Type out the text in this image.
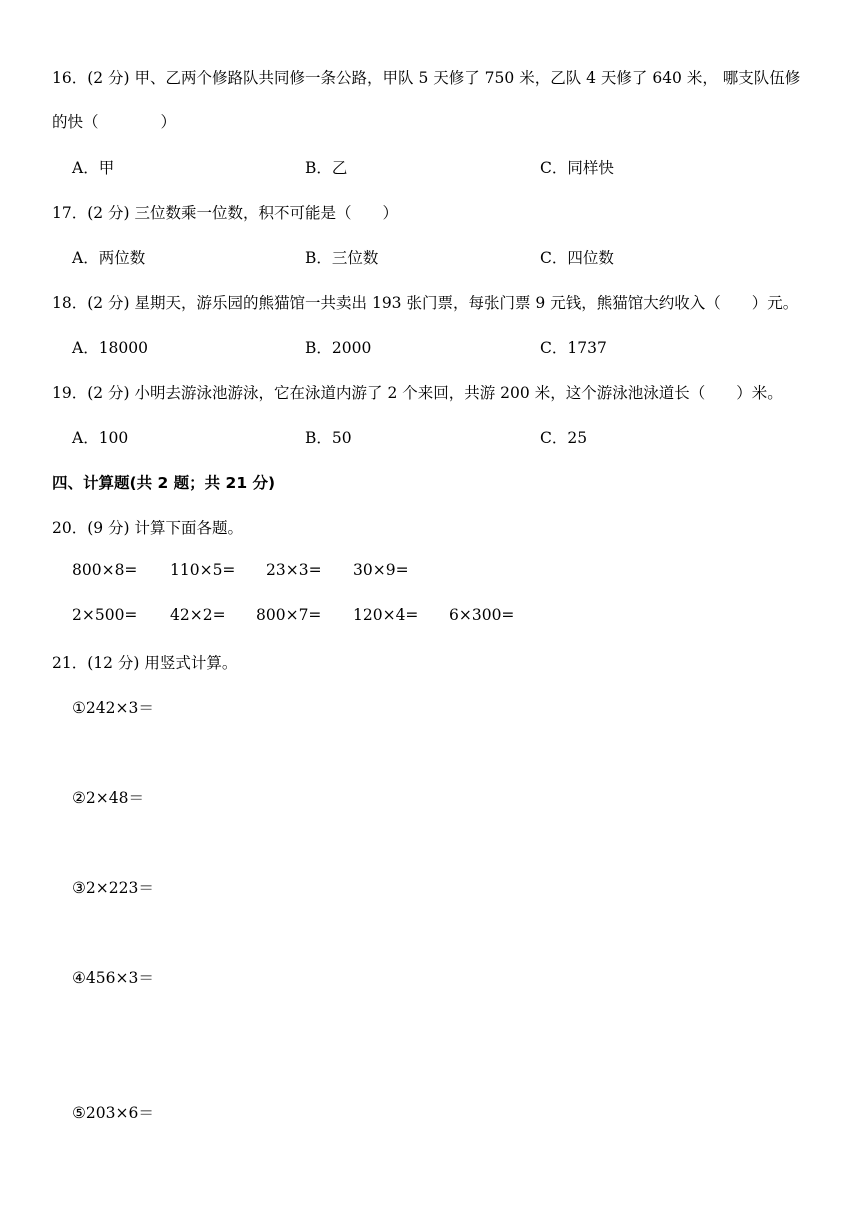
16．(2 分) 甲、乙两个修路队共同修一条公路，甲队 5 天修了 750 米，乙队 4 天修了 640 米， 哪支队伍修
的快（　　　　）
A．甲	B．乙	C．同样快
17．(2 分) 三位数乘一位数，积不可能是（　　）
A．两位数	B．三位数	C．四位数
18．(2 分) 星期天，游乐园的熊猫馆一共卖出 193 张门票，每张门票 9 元钱，熊猫馆大约收入（　　）元。
A．18000	B．2000	C．1737
19．(2 分) 小明去游泳池游泳，它在泳道内游了 2 个来回，共游 200 米，这个游泳池泳道长（　　）米。
A．100	B．50	C．25
四、计算题(共 2 题；共 21 分)
20．(9 分) 计算下面各题。
800×8= 110×5= 23×3= 30×9=
2×500= 42×2= 800×7= 120×4= 6×300=
21．(12 分) 用竖式计算。
①242×3＝
②2×48＝
③2×223＝
④456×3＝
⑤203×6＝
